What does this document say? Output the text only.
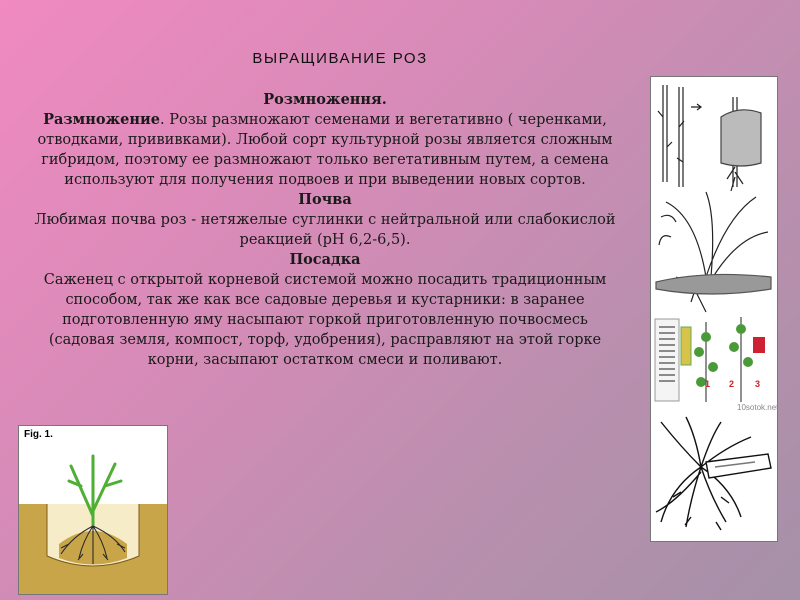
ВЫРАЩИВАНИЕ РОЗ

Розмноження.

Размножение. Розы размножают семенами и вегетативно ( черенками, отводками, прививками). Любой сорт культурной розы является сложным гибридом, поэтому ее размножают только вегетативным путем, а семена используют для получения подвоев и при выведении новых сортов.

Почва
Любимая почва роз - нетяжелые суглинки с нейтральной или слабокислой реакцией (рН 6,2-6,5).

Посадка
Саженец с открытой корневой системой можно посадить традиционным способом, так же как все садовые деревья и кустарники: в заранее подготовленную яму насыпают горкой приготовленную почвосмесь (садовая земля, компост, торф, удобрения), расправляют на этой горке корни, засыпают остатком смеси и поливают.

1 2 3
10sotok.net
Fig. 1.
